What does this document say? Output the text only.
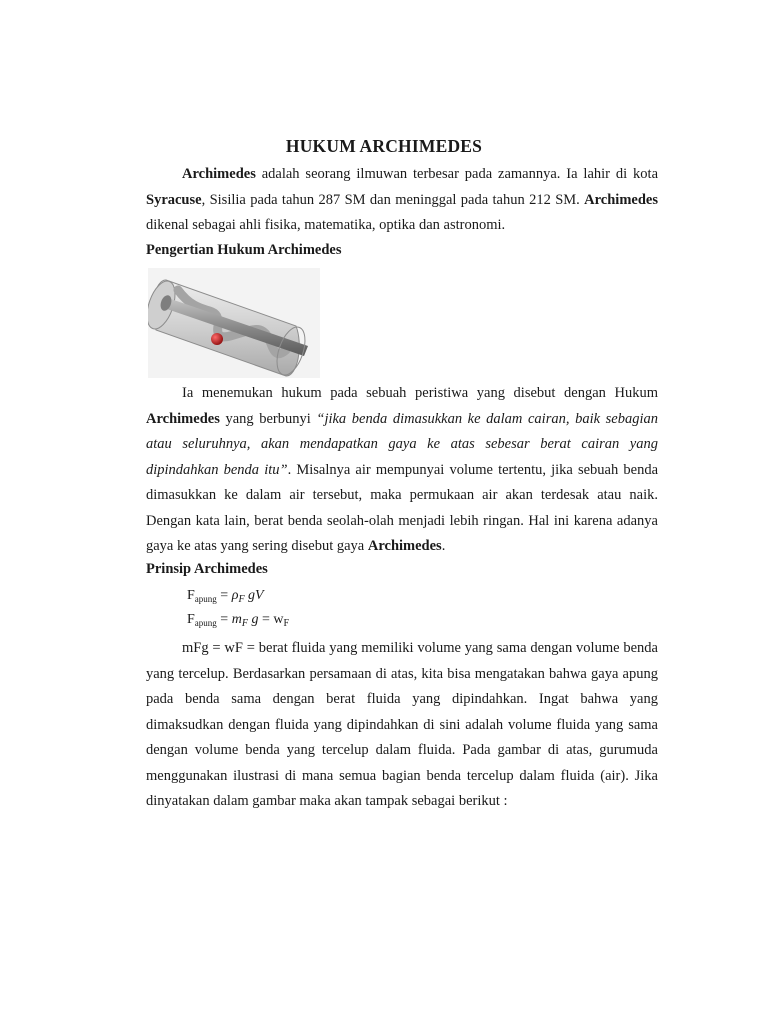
HUKUM ARCHIMEDES

Archimedes adalah seorang ilmuwan terbesar pada zamannya. Ia lahir di kota Syracuse, Sisilia pada tahun 287 SM dan meninggal pada tahun 212 SM. Archimedes dikenal sebagai ahli fisika, matematika, optika dan astronomi.

Pengertian Hukum Archimedes

Ia menemukan hukum pada sebuah peristiwa yang disebut dengan Hukum Archimedes yang berbunyi “jika benda dimasukkan ke dalam cairan, baik sebagian atau seluruhnya, akan mendapatkan gaya ke atas sebesar berat cairan yang dipindahkan benda itu”. Misalnya air mempunyai volume tertentu, jika sebuah benda dimasukkan ke dalam air tersebut, maka permukaan air akan terdesak atau naik. Dengan kata lain, berat benda seolah-olah menjadi lebih ringan. Hal ini karena adanya gaya ke atas yang sering disebut gaya Archimedes.

Prinsip Archimedes
$F_{apung} = \rho_F$ gV
$F_{apung} = m_F$ $g = w_F$

mFg = wF = berat fluida yang memiliki volume yang sama dengan volume benda yang tercelup. Berdasarkan persamaan di atas, kita bisa mengatakan bahwa gaya apung pada benda sama dengan berat fluida yang dipindahkan. Ingat bahwa yang dimaksudkan dengan fluida yang dipindahkan di sini adalah volume fluida yang sama dengan volume benda yang tercelup dalam fluida. Pada gambar di atas, gurumuda menggunakan ilustrasi di mana semua bagian benda tercelup dalam fluida (air). Jika dinyatakan dalam gambar maka akan tampak sebagai berikut :
